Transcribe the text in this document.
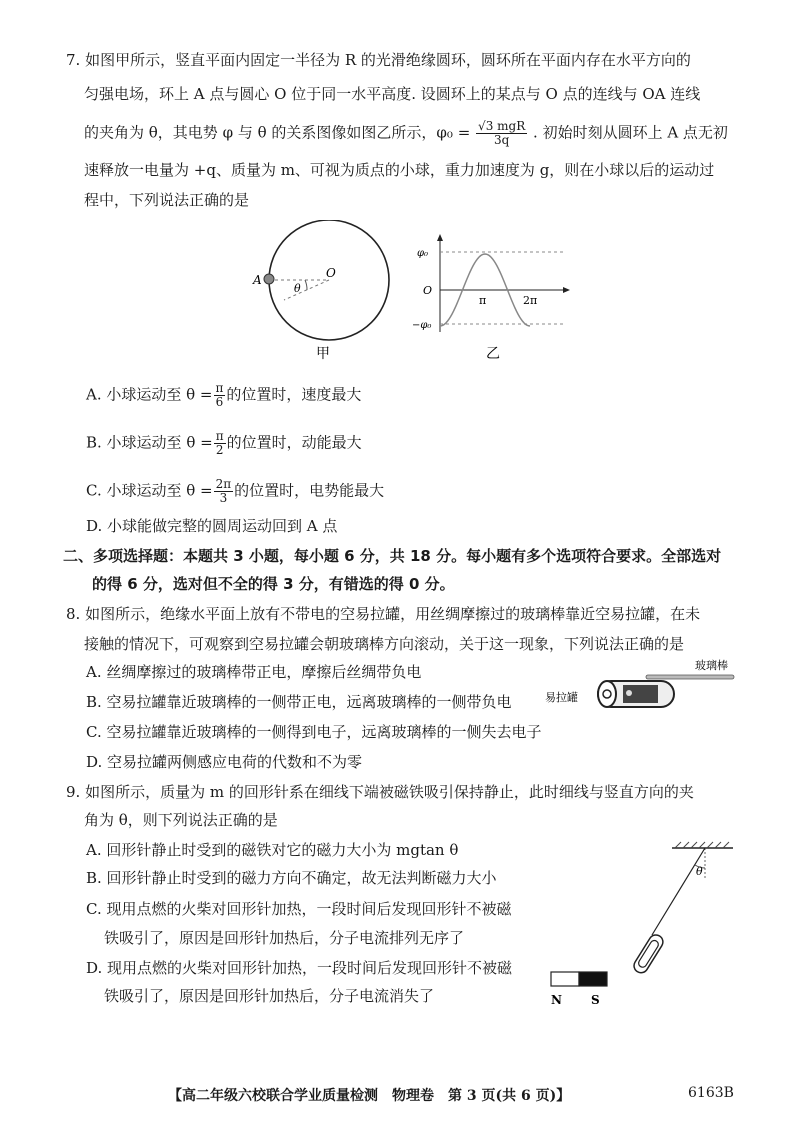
7. 如图甲所示，竖直平面内固定一半径为 R 的光滑绝缘圆环，圆环所在平面内存在水平方向的
匀强电场，环上 A 点与圆心 O 位于同一水平高度. 设圆环上的某点与 O 点的连线与 OA 连线
的夹角为 θ，其电势 φ 与 θ 的关系图像如图乙所示，$\varphi_0 = \frac{\text{√3 mgR}}{3q}$ . 初始时刻从圆环上 A 点无初
速释放一电量为 +q、质量为 m、可视为质点的小球，重力加速度为 g，则在小球以后的运动过
程中，下列说法正确的是
A	O
θ
甲
φ₀
O
−φ₀
π	2π
乙
A. 小球运动至 $\theta = \frac{\pi}{6}$ 的位置时，速度最大
B. 小球运动至 $\theta = \frac{\pi}{2}$ 的位置时，动能最大
C. 小球运动至 $\theta = \frac{2\pi}{3}$ 的位置时，电势能最大
D. 小球能做完整的圆周运动回到 A 点
二、多项选择题：本题共 3 小题，每小题 6 分，共 18 分。每小题有多个选项符合要求。全部选对
的得 6 分，选对但不全的得 3 分，有错选的得 0 分。
8. 如图所示，绝缘水平面上放有不带电的空易拉罐，用丝绸摩擦过的玻璃棒靠近空易拉罐，在未
接触的情况下，可观察到空易拉罐会朝玻璃棒方向滚动，关于这一现象，下列说法正确的是
A. 丝绸摩擦过的玻璃棒带正电，摩擦后丝绸带负电
B. 空易拉罐靠近玻璃棒的一侧带正电，远离玻璃棒的一侧带负电
C. 空易拉罐靠近玻璃棒的一侧得到电子，远离玻璃棒的一侧失去电子
D. 空易拉罐两侧感应电荷的代数和不为零
易拉罐
玻璃棒
9. 如图所示，质量为 m 的回形针系在细线下端被磁铁吸引保持静止，此时细线与竖直方向的夹
角为 θ，则下列说法正确的是
A. 回形针静止时受到的磁铁对它的磁力大小为 mgtan θ
B. 回形针静止时受到的磁力方向不确定，故无法判断磁力大小
C. 现用点燃的火柴对回形针加热，一段时间后发现回形针不被磁
铁吸引了，原因是回形针加热后，分子电流排列无序了
D. 现用点燃的火柴对回形针加热，一段时间后发现回形针不被磁
铁吸引了，原因是回形针加热后，分子电流消失了
θ
N S
【高二年级六校联合学业质量检测　物理卷　第 3 页(共 6 页)】	6163B
